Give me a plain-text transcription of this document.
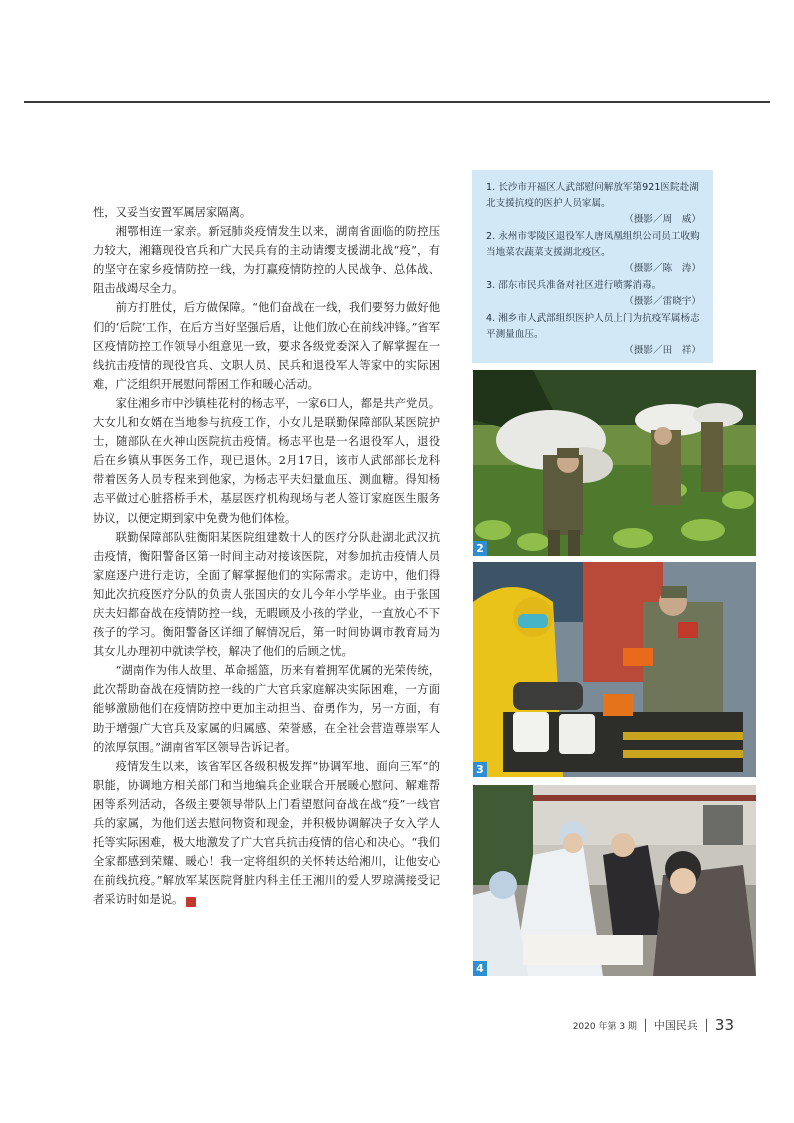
性，又妥当安置军属居家隔离。

湘鄂相连一家亲。新冠肺炎疫情发生以来，湖南省面临的防控压力较大，湘籍现役官兵和广大民兵有的主动请缨支援湖北战“疫”，有的坚守在家乡疫情防控一线，为打赢疫情防控的人民战争、总体战、阻击战竭尽全力。

前方打胜仗，后方做保障。“他们奋战在一线，我们要努力做好他们的‘后院’工作，在后方当好坚强后盾，让他们放心在前线冲锋。”省军区疫情防控工作领导小组意见一致，要求各级党委深入了解掌握在一线抗击疫情的现役官兵、文职人员、民兵和退役军人等家中的实际困难，广泛组织开展慰问帮困工作和暖心活动。

家住湘乡市中沙镇桂花村的杨志平，一家6口人，都是共产党员。大女儿和女婿在当地参与抗疫工作，小女儿是联勤保障部队某医院护士，随部队在火神山医院抗击疫情。杨志平也是一名退役军人，退役后在乡镇从事医务工作，现已退休。2月17日，该市人武部部长龙科带着医务人员专程来到他家，为杨志平夫妇量血压、测血糖。得知杨志平做过心脏搭桥手术，基层医疗机构现场与老人签订家庭医生服务协议，以便定期到家中免费为他们体检。

联勤保障部队驻衡阳某医院组建数十人的医疗分队赴湖北武汉抗击疫情，衡阳警备区第一时间主动对接该医院，对参加抗击疫情人员家庭逐户进行走访，全面了解掌握他们的实际需求。走访中，他们得知此次抗疫医疗分队的负责人张国庆的女儿今年小学毕业。由于张国庆夫妇都奋战在疫情防控一线，无暇顾及小孩的学业，一直放心不下孩子的学习。衡阳警备区详细了解情况后，第一时间协调市教育局为其女儿办理初中就读学校，解决了他们的后顾之忧。

“湖南作为伟人故里、革命摇篮，历来有着拥军优属的光荣传统，此次帮助奋战在疫情防控一线的广大官兵家庭解决实际困难，一方面能够激励他们在疫情防控中更加主动担当、奋勇作为，另一方面，有助于增强广大官兵及家属的归属感、荣誉感，在全社会营造尊崇军人的浓厚氛围。”湖南省军区领导告诉记者。

疫情发生以来，该省军区各级积极发挥“协调军地、面向三军”的职能，协调地方相关部门和当地编兵企业联合开展暖心慰问、解难帮困等系列活动，各级主要领导带队上门看望慰问奋战在战“疫”一线官兵的家属，为他们送去慰问物资和现金，并积极协调解决子女入学人托等实际困难，极大地激发了广大官兵抗击疫情的信心和决心。“我们全家都感到荣耀、暖心！我一定将组织的关怀转达给湘川，让他安心在前线抗疫。”解放军某医院肾脏内科主任王湘川的爱人罗琼满接受记者采访时如是说。	军

1. 长沙市开福区人武部慰问解放军第921医院赴湖北支援抗疫的医护人员家属。
（摄影／周　威）
2. 永州市零陵区退役军人唐凤凰组织公司员工收购当地菜农蔬菜支援湖北疫区。
（摄影／陈　涛）
3. 邵东市民兵准备对社区进行喷雾消毒。
（摄影／雷晓宇）
4. 湘乡市人武部组织医护人员上门为抗疫军属杨志平测量血压。
（摄影／田　祥）
2
3
4
2020 年第 3 期 中国民兵 33
